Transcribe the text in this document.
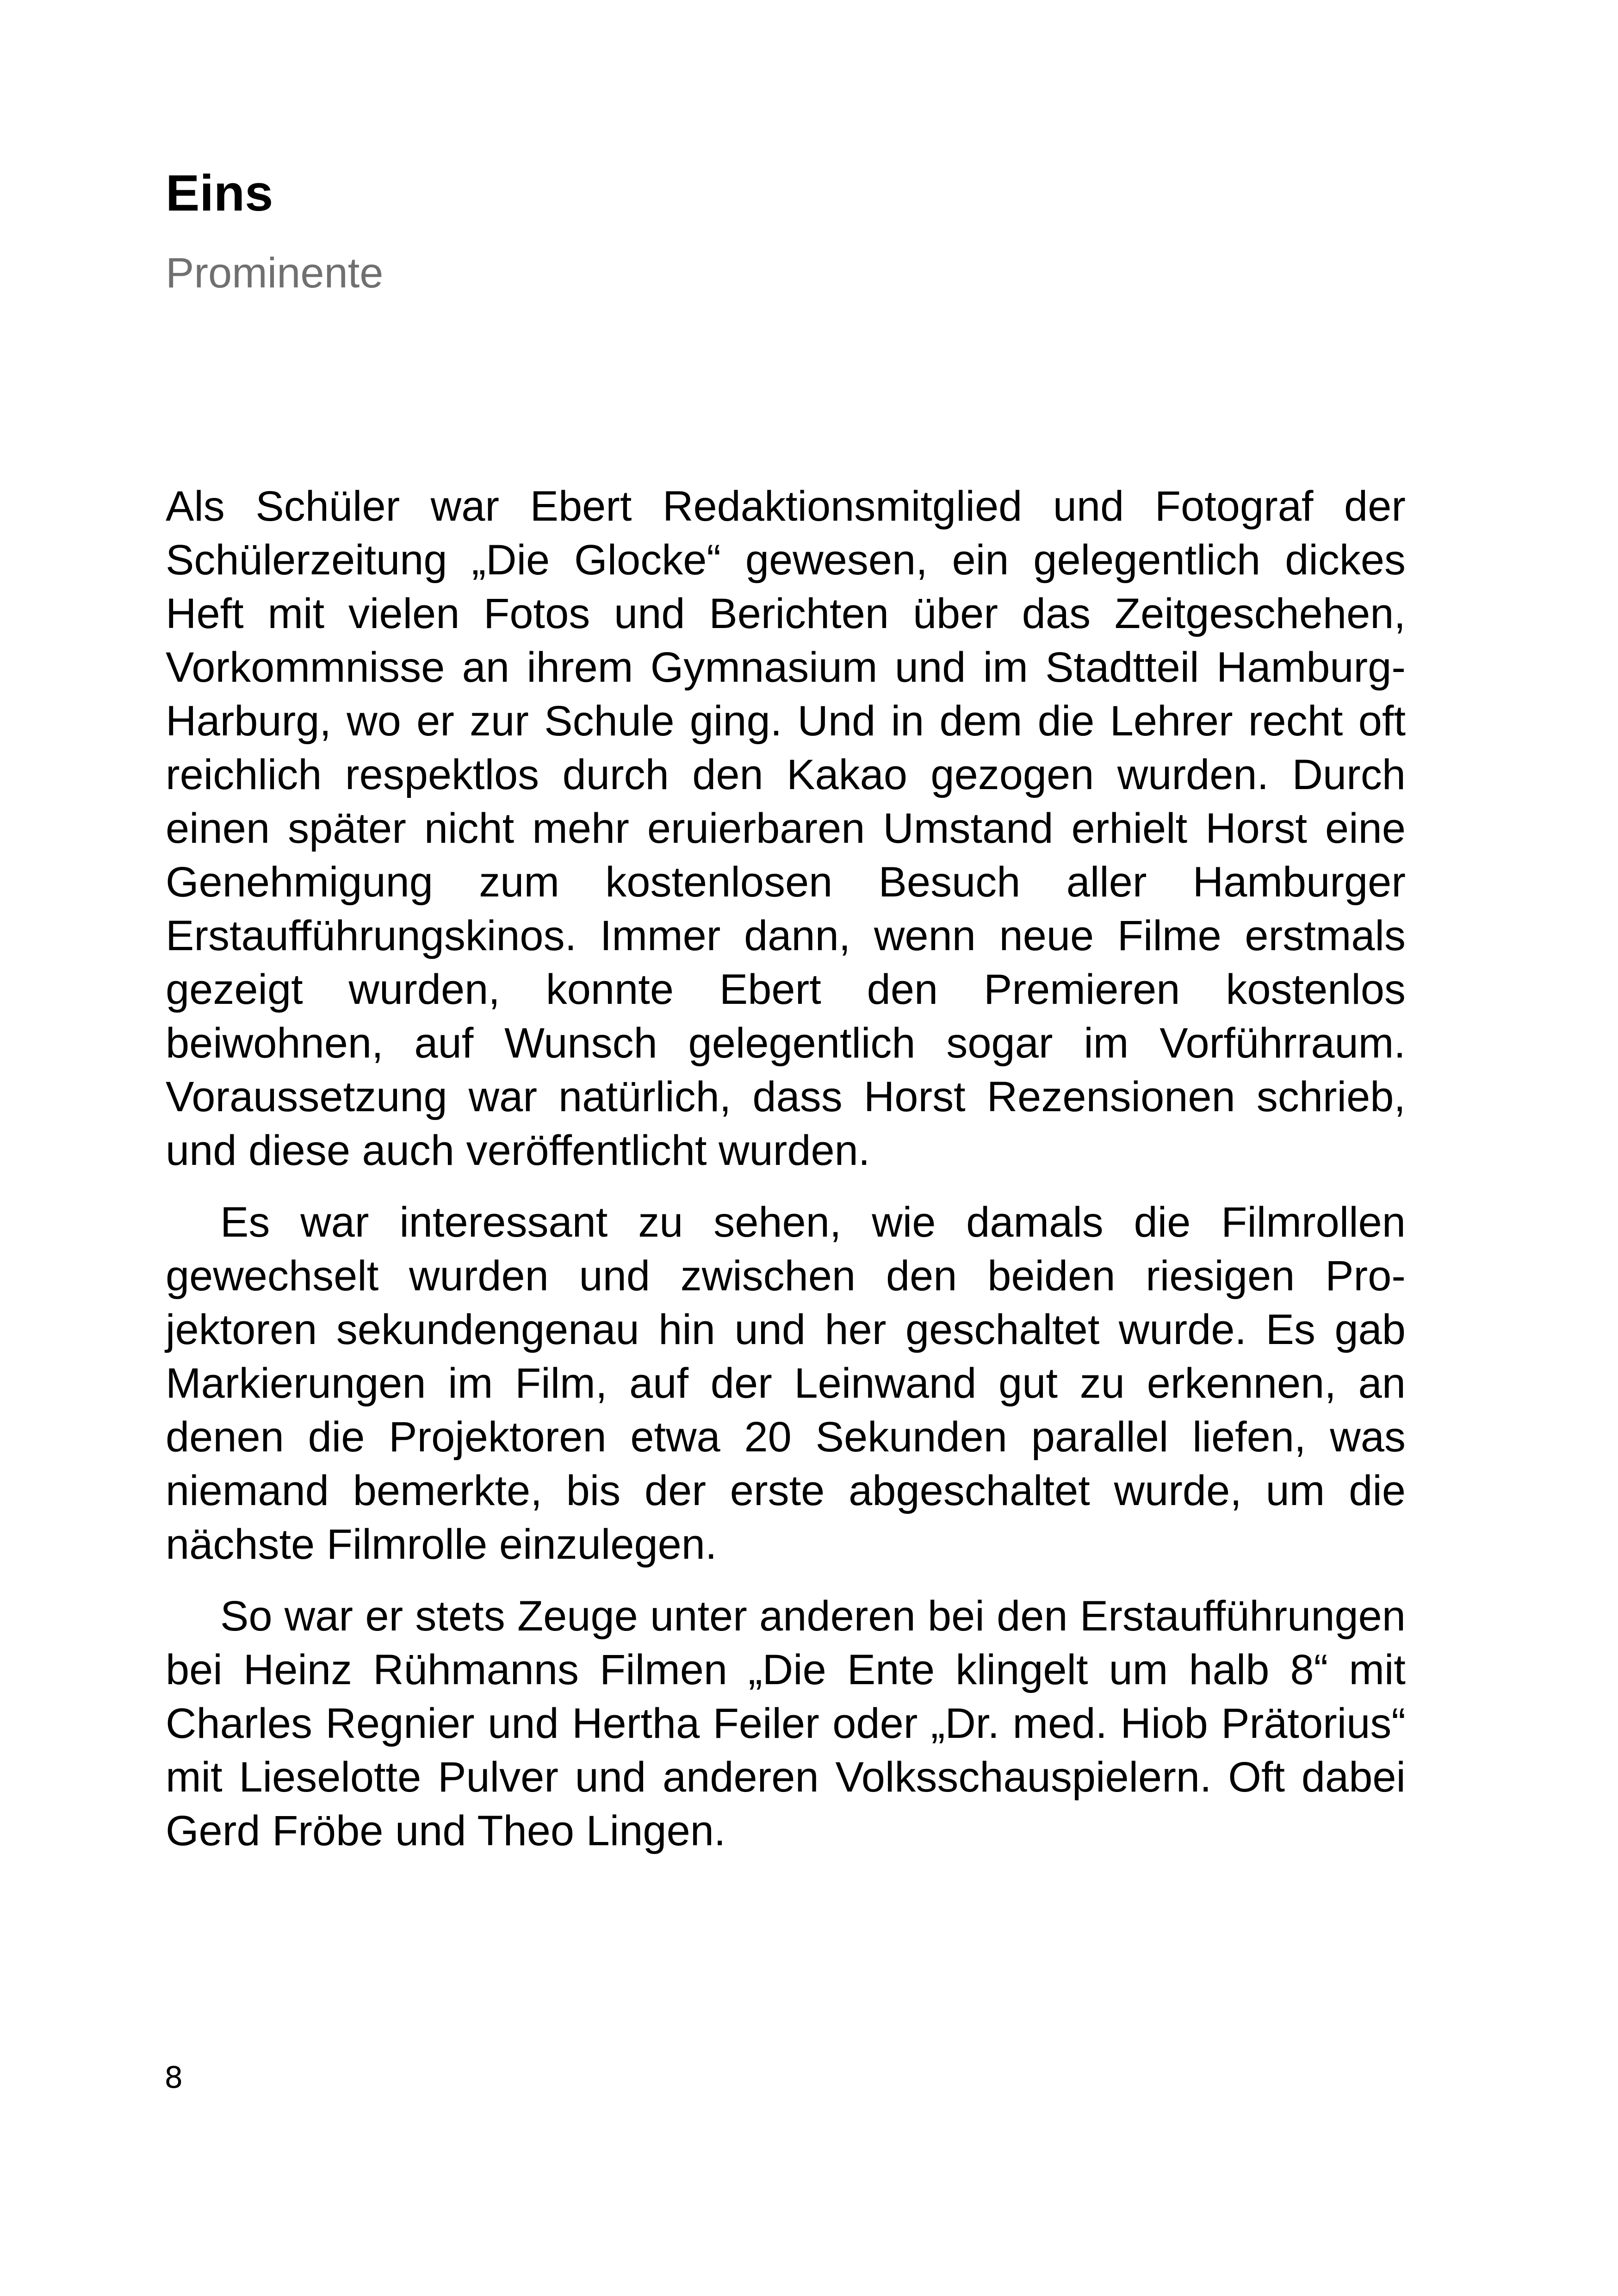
Eins
Prominente

Als Schüler war Ebert Redaktionsmitglied und Fotograf der Schülerzeitung „Die Glocke“ gewesen, ein gelegentlich dickes Heft mit vielen Fotos und Berichten über das Zeitgeschehen, Vorkommnisse an ihrem Gymnasium und im Stadtteil Hamburg-Harburg, wo er zur Schule ging. Und in dem die Lehrer recht oft reichlich respektlos durch den Kakao gezogen wurden. Durch einen später nicht mehr eruierbaren Umstand erhielt Horst eine Genehmigung zum kostenlosen Besuch aller Hamburger Erstaufführungskinos. Immer dann, wenn neue Filme erstmals gezeigt wurden, konnte Ebert den Premieren kostenlos beiwohnen, auf Wunsch gelegentlich sogar im Vorführraum. Voraussetzung war natürlich, dass Horst Rezensionen schrieb, und diese auch veröffentlicht wurden.

Es war interessant zu sehen, wie damals die Filmrollen gewechselt wurden und zwischen den beiden riesigen Projektoren sekundengenau hin und her geschaltet wurde. Es gab Markierungen im Film, auf der Leinwand gut zu erkennen, an denen die Projektoren etwa 20 Sekunden parallel liefen, was niemand bemerkte, bis der erste abgeschaltet wurde, um die nächste Filmrolle einzulegen.

So war er stets Zeuge unter anderen bei den Erstaufführungen bei Heinz Rühmanns Filmen „Die Ente klingelt um halb 8“ mit Charles Regnier und Hertha Feiler oder „Dr. med. Hiob Prätorius“ mit Lieselotte Pulver und anderen Volksschauspielern. Oft dabei Gerd Fröbe und Theo Lingen.

8
